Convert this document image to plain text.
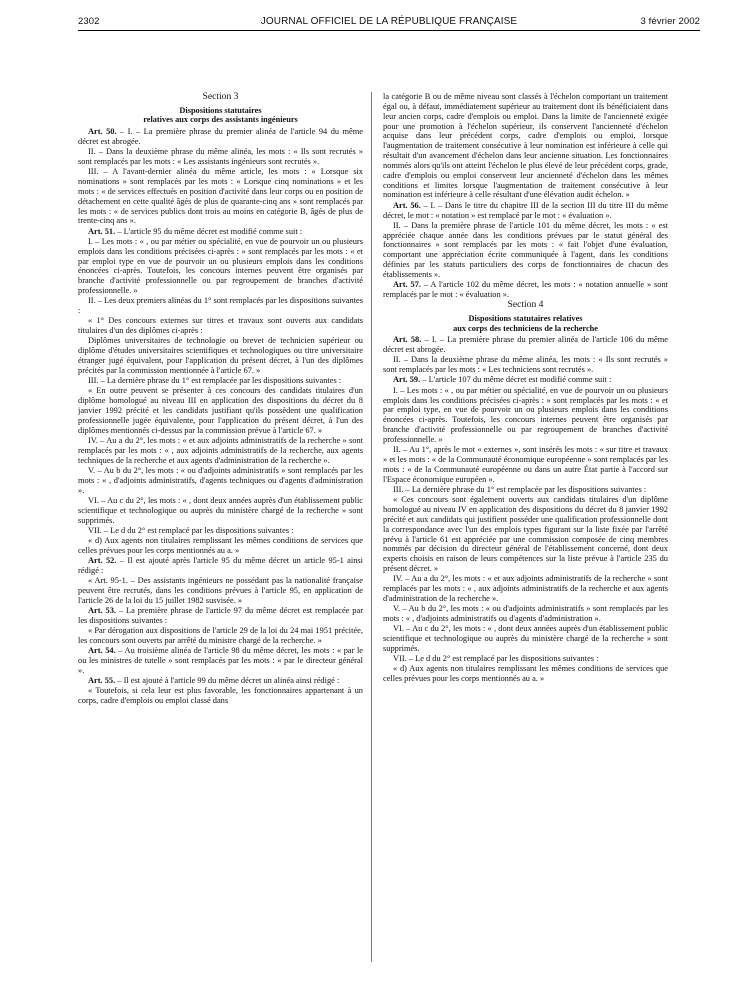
2302	JOURNAL OFFICIEL DE LA RÉPUBLIQUE FRANÇAISE	3 février 2002

Section 3

Dispositions statutaires

relatives aux corps des assistants ingénieurs

Art. 50. – I. – La première phrase du premier alinéa de l'article 94 du même décret est abrogée.

II. – Dans la deuxième phrase du même alinéa, les mots : « Ils sont recrutés » sont remplacés par les mots : « Les assistants ingénieurs sont recrutés ».

III. – A l'avant-dernier alinéa du même article, les mots : « Lorsque six nominations » sont remplacés par les mots : « Lorsque cinq nominations » et les mots : « de services effectués en position d'activité dans leur corps ou en position de détachement en cette qualité âgés de plus de quarante-cinq ans » sont remplacés par les mots : « de services publics dont trois au moins en catégorie B, âgés de plus de trente-cinq ans ».

Art. 51. – L'article 95 du même décret est modifié comme suit :

I. – Les mots : « , ou par métier ou spécialité, en vue de pourvoir un ou plusieurs emplois dans les conditions précisées ci-après : » sont remplacés par les mots : « et par emploi type en vue de pourvoir un ou plusieurs emplois dans les conditions énoncées ci-après. Toutefois, les concours internes peuvent être organisés par branche d'activité professionnelle ou par regroupement de branches d'activité professionnelle. »

II. – Les deux premiers alinéas du 1° sont remplacés par les dispositions suivantes :

« 1° Des concours externes sur titres et travaux sont ouverts aux candidats titulaires d'un des diplômes ci-après :

Diplômes universitaires de technologie ou brevet de technicien supérieur ou diplôme d'études universitaires scientifiques et technologiques ou titre universitaire étranger jugé équivalent, pour l'application du présent décret, à l'un des diplômes précités par la commission mentionnée à l'article 67. »

III. – La dernière phrase du 1° est remplacée par les dispositions suivantes :

« En outre peuvent se présenter à ces concours des candidats titulaires d'un diplôme homologué au niveau III en application des dispositions du décret du 8 janvier 1992 précité et les candidats justifiant qu'ils possèdent une qualification professionnelle jugée équivalente, pour l'application du présent décret, à l'un des diplômes mentionnés ci-dessus par la commission prévue à l'article 67. »

IV. – Au a du 2°, les mots : « et aux adjoints administratifs de la recherche » sont remplacés par les mots : « , aux adjoints administratifs de la recherche, aux agents techniques de la recherche et aux agents d'administration de la recherche ».

V. – Au b du 2°, les mots : « ou d'adjoints administratifs » sont remplacés par les mots : « , d'adjoints administratifs, d'agents techniques ou d'agents d'administration ».

VI. – Au c du 2°, les mots : « , dont deux années auprès d'un établissement public scientifique et technologique ou auprès du ministère chargé de la recherche » sont supprimés.

VII. – Le d du 2° est remplacé par les dispositions suivantes :

« d) Aux agents non titulaires remplissant les mêmes conditions de services que celles prévues pour les corps mentionnés au a. »

Art. 52. – Il est ajouté après l'article 95 du même décret un article 95-1 ainsi rédigé :

« Art. 95-1. – Des assistants ingénieurs ne possédant pas la nationalité française peuvent être recrutés, dans les conditions prévues à l'article 95, en application de l'article 26 de la loi du 15 juillet 1982 susvisée. »

Art. 53. – La première phrase de l'article 97 du même décret est remplacée par les dispositions suivantes :

« Par dérogation aux dispositions de l'article 29 de la loi du 24 mai 1951 précitée, les concours sont ouverts par arrêté du ministre chargé de la recherche. »

Art. 54. – Au troisième alinéa de l'article 98 du même décret, les mots : « par le ou les ministres de tutelle » sont remplacés par les mots : « par le directeur général ».

Art. 55. – Il est ajouté à l'article 99 du même décret un alinéa ainsi rédigé :

« Toutefois, si cela leur est plus favorable, les fonctionnaires appartenant à un corps, cadre d'emplois ou emploi classé dans

la catégorie B ou de même niveau sont classés à l'échelon comportant un traitement égal ou, à défaut, immédiatement supérieur au traitement dont ils bénéficiaient dans leur ancien corps, cadre d'emplois ou emploi. Dans la limite de l'ancienneté exigée pour une promotion à l'échelon supérieur, ils conservent l'ancienneté d'échelon acquise dans leur précédent corps, cadre d'emplois ou emploi, lorsque l'augmentation de traitement consécutive à leur nomination est inférieure à celle qui résultait d'un avancement d'échelon dans leur ancienne situation. Les fonctionnaires nommés alors qu'ils ont atteint l'échelon le plus élevé de leur précédent corps, grade, cadre d'emplois ou emploi conservent leur ancienneté d'échelon dans les mêmes conditions et limites lorsque l'augmentation de traitement consécutive à leur nomination est inférieure à celle résultant d'une élévation audit échelon. »

Art. 56. – I. – Dans le titre du chapitre III de la section III du titre III du même décret, le mot : « notation » est remplacé par le mot : « évaluation ».

II. – Dans la première phrase de l'article 101 du même décret, les mots : « est appréciée chaque année dans les conditions prévues par le statut général des fonctionnaires » sont remplacés par les mots : « fait l'objet d'une évaluation, comportant une appréciation écrite communiquée à l'agent, dans les conditions définies par les statuts particuliers des corps de fonctionnaires de chacun des établissements ».

Art. 57. – A l'article 102 du même décret, les mots : « notation annuelle » sont remplacés par le mot : « évaluation ».

Section 4

Dispositions statutaires relatives

aux corps des techniciens de la recherche

Art. 58. – I. – La première phrase du premier alinéa de l'article 106 du même décret est abrogée.

II. – Dans la deuxième phrase du même alinéa, les mots : « Ils sont recrutés » sont remplacés par les mots : « Les techniciens sont recrutés ».

Art. 59. – L'article 107 du même décret est modifié comme suit :

I. – Les mots : « , ou par métier ou spécialité, en vue de pourvoir un ou plusieurs emplois dans les conditions précisées ci-après : » sont remplacés par les mots : « et par emploi type, en vue de pourvoir un ou plusieurs emplois dans les conditions énoncées ci-après. Toutefois, les concours internes peuvent être organisés par branche d'activité professionnelle ou par regroupement de branches d'activité professionnelle. »

II. – Au 1°, après le mot « externes », sont insérés les mots : « sur titre et travaux » et les mots : « de la Communauté économique européenne » sont remplacés par les mots : « de la Communauté européenne ou dans un autre État partie à l'accord sur l'Espace économique européen ».

III. – La dernière phrase du 1° est remplacée par les dispositions suivantes :

« Ces concours sont également ouverts aux candidats titulaires d'un diplôme homologué au niveau IV en application des dispositions du décret du 8 janvier 1992 précité et aux candidats qui justifient posséder une qualification professionnelle dont la correspondance avec l'un des emplois types figurant sur la liste fixée par l'arrêté prévu à l'article 61 est appréciée par une commission composée de cinq membres nommés par décision du directeur général de l'établissement concerné, dont deux experts choisis en raison de leurs compétences sur la liste prévue à l'article 235 du présent décret. »

IV. – Au a du 2°, les mots : « et aux adjoints administratifs de la recherche » sont remplacés par les mots : « , aux adjoints administratifs de la recherche et aux agents d'administration de la recherche ».

V. – Au b du 2°, les mots : « ou d'adjoints administratifs » sont remplacés par les mots : « , d'adjoints administratifs ou d'agents d'administration ».

VI. – Au c du 2°, les mots : « , dont deux années auprès d'un établissement public scientifique et technologique ou auprès du ministère chargé de la recherche » sont supprimés.

VII. – Le d du 2° est remplacé par les dispositions suivantes :

« d) Aux agents non titulaires remplissant les mêmes conditions de services que celles prévues pour les corps mentionnés au a. »
